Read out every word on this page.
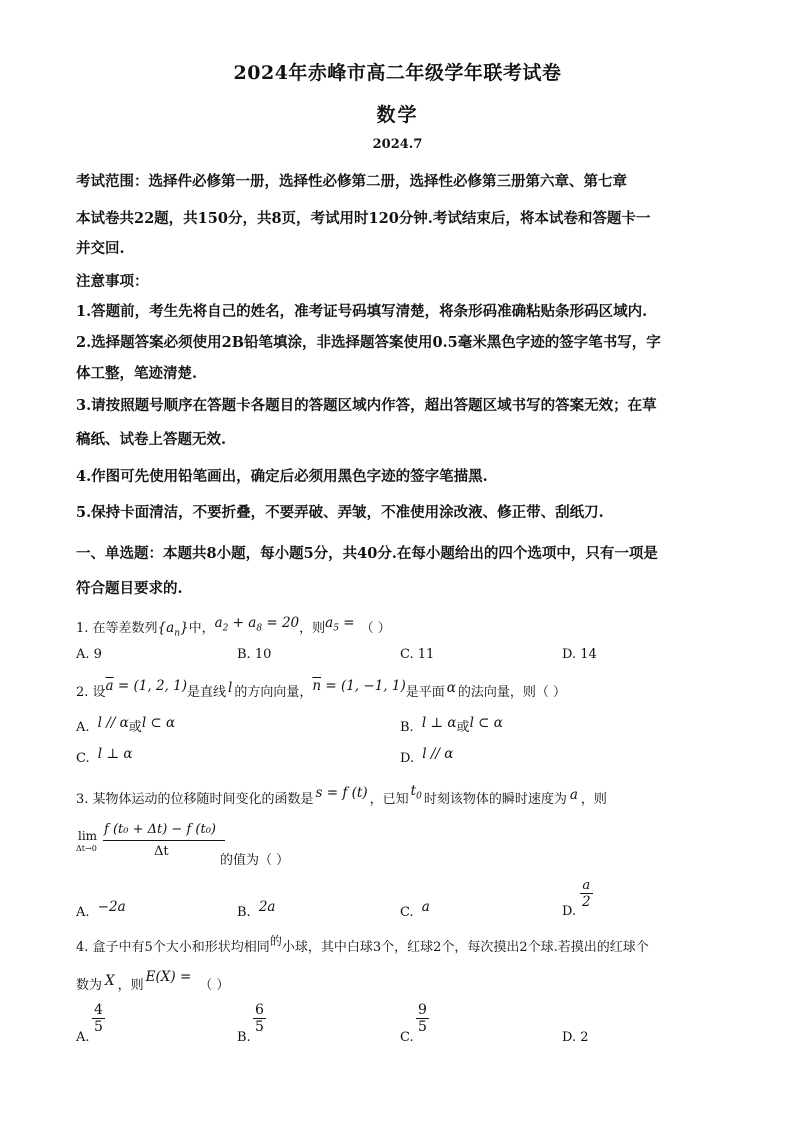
2024年赤峰市高二年级学年联考试卷
数学
2024.7
考试范围：选择件必修第一册，选择性必修第二册，选择性必修第三册第六章、第七章
本试卷共22题，共150分，共8页，考试用时120分钟.考试结束后，将本试卷和答题卡一
并交回.
注意事项：
1.答题前，考生先将自己的姓名，准考证号码填写清楚，将条形码准确粘贴条形码区域内.
2.选择题答案必须使用2B铅笔填涂，非选择题答案使用0.5毫米黑色字迹的签字笔书写，字
体工整，笔迹清楚.
3.请按照题号顺序在答题卡各题目的答题区域内作答，超出答题区域书写的答案无效；在草
稿纸、试卷上答题无效.
4.作图可先使用铅笔画出，确定后必须用黑色字迹的签字笔描黑.
5.保持卡面清洁，不要折叠，不要弄破、弄皱，不准使用涂改液、修正带、刮纸刀.
一、单选题：本题共8小题，每小题5分，共40分.在每小题给出的四个选项中，只有一项是
符合题目要求的.
1. 在等差数列$\{a_n\}$中，$a_2 + a_8 = 20$，则$a_5$ = （ ）
A. 9	B. 10	C. 11	D. 14
2. 设$\overline{a} = (1$, 2, 1)是直线 l 的方向向量，$\overline{n} = (1$, −1, 1)是平面 α 的法向量，则（ ）
A. l // α或l ⊂ α	B. l ⊥ α或l ⊂ α
C. l ⊥ α	D. l // α
3. 某物体运动的位移随时间变化的函数是 s = f (t) ，已知$t_0$ 时刻该物体的瞬时速度为 a ，则
lim
Δt→0
f (t₀ + Δt) − f (t₀)
Δt
的值为（ ）
A. −2a	B. 2a	C. a	D.
$\frac{a}{2}$
4. 盒子中有5个大小和形状均相同的小球，其中白球3个，红球2个，每次摸出2个球.若摸出的红球个
数为 X ，则E(X) =（ ）
A.
$\frac{4}{5}$
B.
$\frac{6}{5}$
C.
$\frac{9}{5}$
D. 2
